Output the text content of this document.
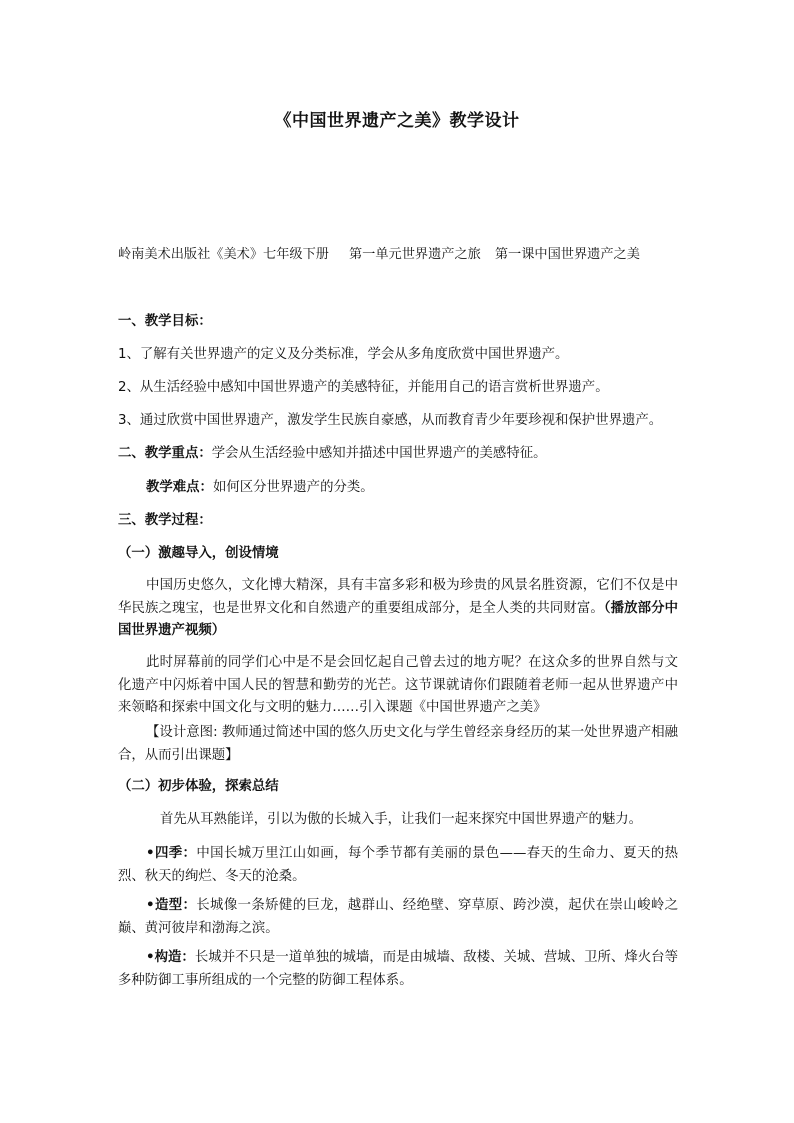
《中国世界遗产之美》教学设计
岭南美术出版社《美术》七年级下册 第一单元世界遗产之旅 第一课中国世界遗产之美
一、教学目标：
1、了解有关世界遗产的定义及分类标准，学会从多角度欣赏中国世界遗产。
2、从生活经验中感知中国世界遗产的美感特征，并能用自己的语言赏析世界遗产。
3、通过欣赏中国世界遗产，激发学生民族自豪感，从而教育青少年要珍视和保护世界遗产。
二、教学重点：学会从生活经验中感知并描述中国世界遗产的美感特征。
教学难点：如何区分世界遗产的分类。
三、教学过程：
（一）激趣导入，创设情境
中国历史悠久，文化博大精深，具有丰富多彩和极为珍贵的风景名胜资源，它们不仅是中华民族之瑰宝，也是世界文化和自然遗产的重要组成部分，是全人类的共同财富。（播放部分中国世界遗产视频）
此时屏幕前的同学们心中是不是会回忆起自己曾去过的地方呢？在这众多的世界自然与文化遗产中闪烁着中国人民的智慧和勤劳的光芒。这节课就请你们跟随着老师一起从世界遗产中来领略和探索中国文化与文明的魅力……引入课题《中国世界遗产之美》
【设计意图: 教师通过简述中国的悠久历史文化与学生曾经亲身经历的某一处世界遗产相融合，从而引出课题】
（二）初步体验，探索总结
首先从耳熟能详，引以为傲的长城入手，让我们一起来探究中国世界遗产的魅力。
•四季：中国长城万里江山如画，每个季节都有美丽的景色——春天的生命力、夏天的热烈、秋天的绚烂、冬天的沧桑。
•造型：长城像一条矫健的巨龙，越群山、经绝壁、穿草原、跨沙漠，起伏在崇山峻岭之巅、黄河彼岸和渤海之滨。
•构造：长城并不只是一道单独的城墙，而是由城墙、敌楼、关城、营城、卫所、烽火台等多种防御工事所组成的一个完整的防御工程体系。
